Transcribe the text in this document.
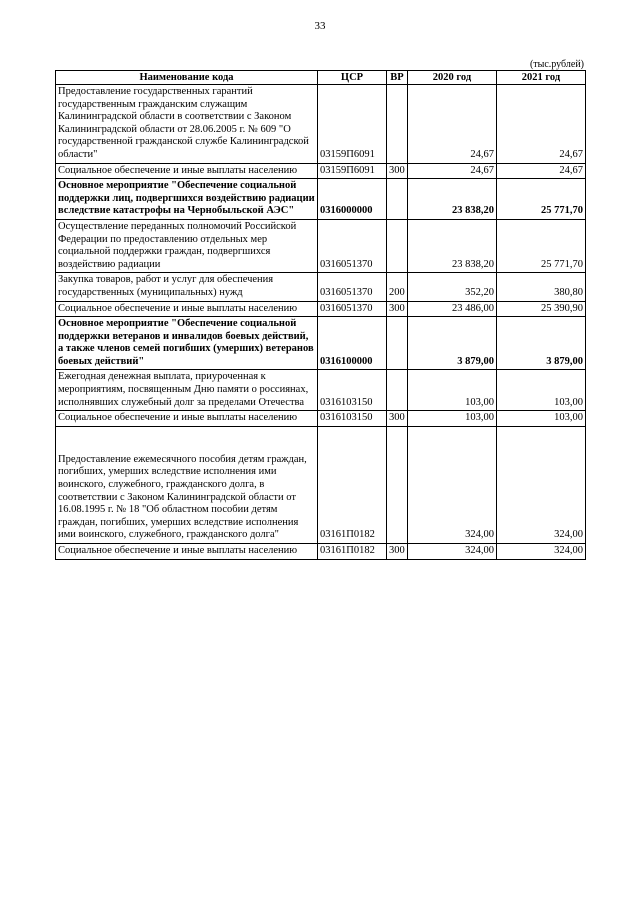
33
(тыс.рублей)
Наименование кода	ЦСР	ВР	2020 год	2021 год
Предоставление государственных гарантий государственным гражданским служащим Калининградской области в соответствии с Законом Калининградской области от 28.06.2005 г. № 609 "О государственной гражданской службе Калининградской области"	03159П6091		24,67	24,67
Социальное обеспечение и иные выплаты населению	03159П6091	300	24,67	24,67
Основное мероприятие "Обеспечение социальной поддержки лиц, подвергшихся воздействию радиации вследствие катастрофы на Чернобыльской АЭС"	0316000000		23 838,20	25 771,70
Осуществление переданных полномочий Российской Федерации по предоставлению отдельных мер социальной поддержки граждан, подвергшихся воздействию радиации	0316051370		23 838,20	25 771,70
Закупка товаров, работ и услуг для обеспечения государственных (муниципальных) нужд	0316051370	200	352,20	380,80
Социальное обеспечение и иные выплаты населению	0316051370	300	23 486,00	25 390,90
Основное мероприятие "Обеспечение социальной поддержки ветеранов и инвалидов боевых действий, а также членов семей погибших (умерших) ветеранов боевых действий"	0316100000		3 879,00	3 879,00
Ежегодная денежная выплата, приуроченная к мероприятиям, посвященным Дню памяти о россиянах, исполнявших служебный долг за пределами Отечества	0316103150		103,00	103,00
Социальное обеспечение и иные выплаты населению	0316103150	300	103,00	103,00
Предоставление ежемесячного пособия детям граждан, погибших, умерших вследствие исполнения ими воинского, служебного, гражданского долга, в соответствии с Законом Калининградской области от 16.08.1995 г. № 18 "Об областном пособии детям граждан, погибших, умерших вследствие исполнения ими воинского, служебного, гражданского долга"	03161П0182		324,00	324,00
Социальное обеспечение и иные выплаты населению	03161П0182	300	324,00	324,00
